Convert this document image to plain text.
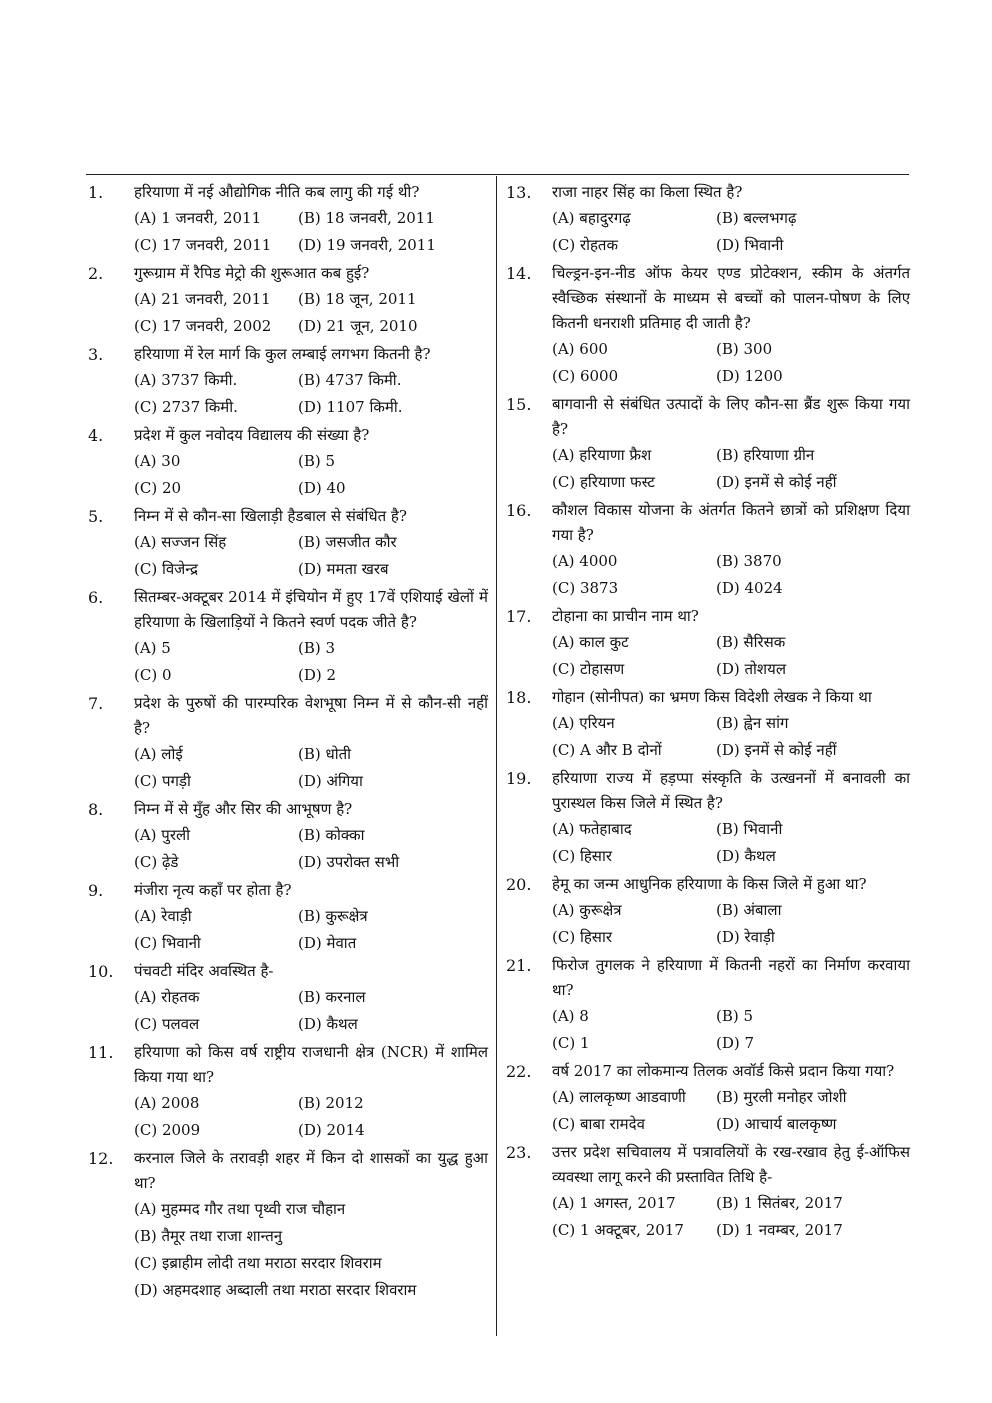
1.	हरियाणा में नई औद्योगिक नीति कब लागु की गई थी?
(A) 1 जनवरी, 2011	(B) 18 जनवरी, 2011
(C) 17 जनवरी, 2011	(D) 19 जनवरी, 2011
2.	गुरूग्राम में रैपिड मेट्रो की शुरूआत कब हुई?
(A) 21 जनवरी, 2011	(B) 18 जून, 2011
(C) 17 जनवरी, 2002	(D) 21 जून, 2010
3.	हरियाणा में रेल मार्ग कि कुल लम्बाई लगभग कितनी है?
(A) 3737 किमी.	(B) 4737 किमी.
(C) 2737 किमी.	(D) 1107 किमी.
4.	प्रदेश में कुल नवोदय विद्यालय की संख्या है?
(A) 30	(B) 5
(C) 20	(D) 40
5.	निम्न में से कौन-सा खिलाड़ी हैडबाल से संबंधित है?
(A) सज्जन सिंह	(B) जसजीत कौर
(C) विजेन्द्र	(D) ममता खरब
6.	सितम्बर-अक्टूबर 2014 में इंचियोन में हुए 17वें एशियाई खेलों में हरियाणा के खिलाड़ियों ने कितने स्वर्ण पदक जीते है?
(A) 5	(B) 3
(C) 0	(D) 2
7.	प्रदेश के पुरुषों की पारम्परिक वेशभूषा निम्न में से कौन-सी नहीं है?
(A) लोई	(B) धोती
(C) पगड़ी	(D) अंगिया
8.	निम्न में से मुँह और सिर की आभूषण है?
(A) पुरली	(B) कोक्का
(C) ढ़ेडे	(D) उपरोक्त सभी
9.	मंजीरा नृत्य कहाँ पर होता है?
(A) रेवाड़ी	(B) कुरूक्षेत्र
(C) भिवानी	(D) मेवात
10.	पंचवटी मंदिर अवस्थित है-
(A) रोहतक	(B) करनाल
(C) पलवल	(D) कैथल
11.	हरियाणा को किस वर्ष राष्ट्रीय राजधानी क्षेत्र (NCR) में शामिल किया गया था?
(A) 2008	(B) 2012
(C) 2009	(D) 2014
12.	करनाल जिले के तरावड़ी शहर में किन दो शासकों का युद्ध हुआ था?
(A) मुहम्मद गौर तथा पृथ्वी राज चौहान
(B) तैमूर तथा राजा शान्तनु
(C) इब्राहीम लोदी तथा मराठा सरदार शिवराम
(D) अहमदशाह अब्दाली तथा मराठा सरदार शिवराम
13.	राजा नाहर सिंह का किला स्थित है?
(A) बहादुरगढ़	(B) बल्लभगढ़
(C) रोहतक	(D) भिवानी
14.	चिल्ड्रन-इन-नीड ऑफ केयर एण्ड प्रोटेक्शन, स्कीम के अंतर्गत स्वैच्छिक संस्थानों के माध्यम से बच्चों को पालन-पोषण के लिए कितनी धनराशी प्रतिमाह दी जाती है?
(A) 600	(B) 300
(C) 6000	(D) 1200
15.	बागवानी से संबंधित उत्पादों के लिए कौन-सा ब्रैंड शुरू किया गया है?
(A) हरियाणा फ्रैश	(B) हरियाणा ग्रीन
(C) हरियाणा फस्ट	(D) इनमें से कोई नहीं
16.	कौशल विकास योजना के अंतर्गत कितने छात्रों को प्रशिक्षण दिया गया है?
(A) 4000	(B) 3870
(C) 3873	(D) 4024
17.	टोहाना का प्राचीन नाम था?
(A) काल कुट	(B) सैरिसक
(C) टोहासण	(D) तोशयल
18.	गोहान (सोनीपत) का भ्रमण किस विदेशी लेखक ने किया था
(A) एरियन	(B) ह्वेन सांग
(C) A और B दोनों	(D) इनमें से कोई नहीं
19.	हरियाणा राज्य में हड़प्पा संस्कृति के उत्खननों में बनावली का पुरास्थल किस जिले में स्थित है?
(A) फतेहाबाद	(B) भिवानी
(C) हिसार	(D) कैथल
20.	हेमू का जन्म आधुनिक हरियाणा के किस जिले में हुआ था?
(A) कुरूक्षेत्र	(B) अंबाला
(C) हिसार	(D) रेवाड़ी
21.	फिरोज तुगलक ने हरियाणा में कितनी नहरों का निर्माण करवाया था?
(A) 8	(B) 5
(C) 1	(D) 7
22.	वर्ष 2017 का लोकमान्य तिलक अवॉर्ड किसे प्रदान किया गया?
(A) लालकृष्ण आडवाणी	(B) मुरली मनोहर जोशी
(C) बाबा रामदेव	(D) आचार्य बालकृष्ण
23.	उत्तर प्रदेश सचिवालय में पत्रावलियों के रख-रखाव हेतु ई-ऑफिस व्यवस्था लागू करने की प्रस्तावित तिथि है-
(A) 1 अगस्त, 2017	(B) 1 सितंबर, 2017
(C) 1 अक्टूबर, 2017	(D) 1 नवम्बर, 2017
